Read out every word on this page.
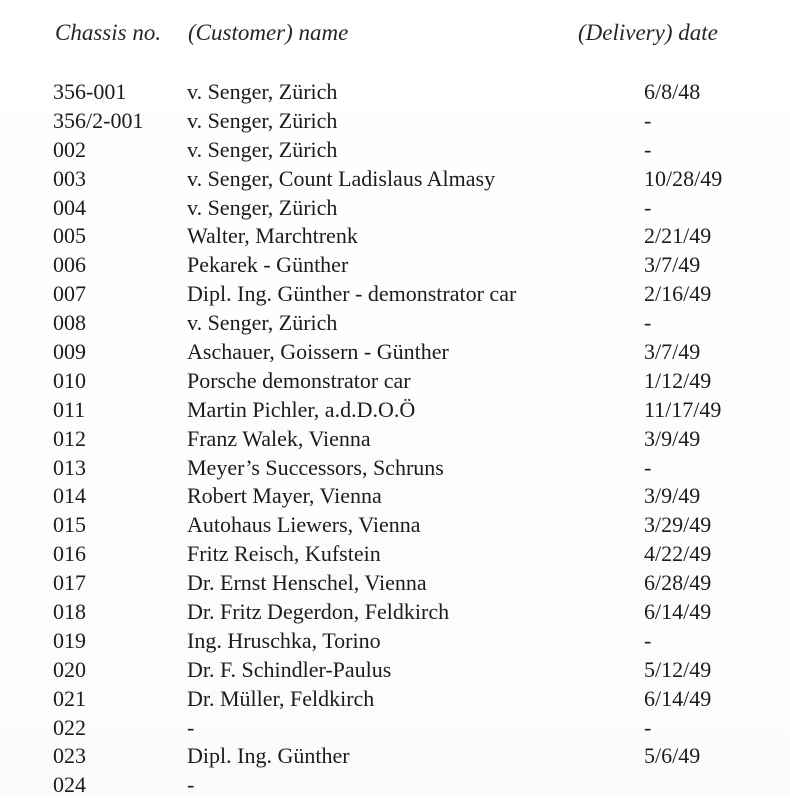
Chassis no. (Customer) name	(Delivery) date
356-001	v. Senger, Zürich	6/8/48
356/2-001 v. Senger, Zürich	-
002	v. Senger, Zürich	-
003	v. Senger, Count Ladislaus Almasy	10/28/49
004	v. Senger, Zürich	-
005	Walter, Marchtrenk	2/21/49
006	Pekarek - Günther	3/7/49
007	Dipl. Ing. Günther - demonstrator car	2/16/49
008	v. Senger, Zürich	-
009	Aschauer, Goissern - Günther	3/7/49
010	Porsche demonstrator car	1/12/49
011	Martin Pichler, a.d.D.O.Ö	11/17/49
012	Franz Walek, Vienna	3/9/49
013	Meyer’s Successors, Schruns	-
014	Robert Mayer, Vienna	3/9/49
015	Autohaus Liewers, Vienna	3/29/49
016	Fritz Reisch, Kufstein	4/22/49
017	Dr. Ernst Henschel, Vienna	6/28/49
018	Dr. Fritz Degerdon, Feldkirch	6/14/49
019	Ing. Hruschka, Torino	-
020	Dr. F. Schindler-Paulus	5/12/49
021	Dr. Müller, Feldkirch	6/14/49
022	-	-
023	Dipl. Ing. Günther	5/6/49
024	-
